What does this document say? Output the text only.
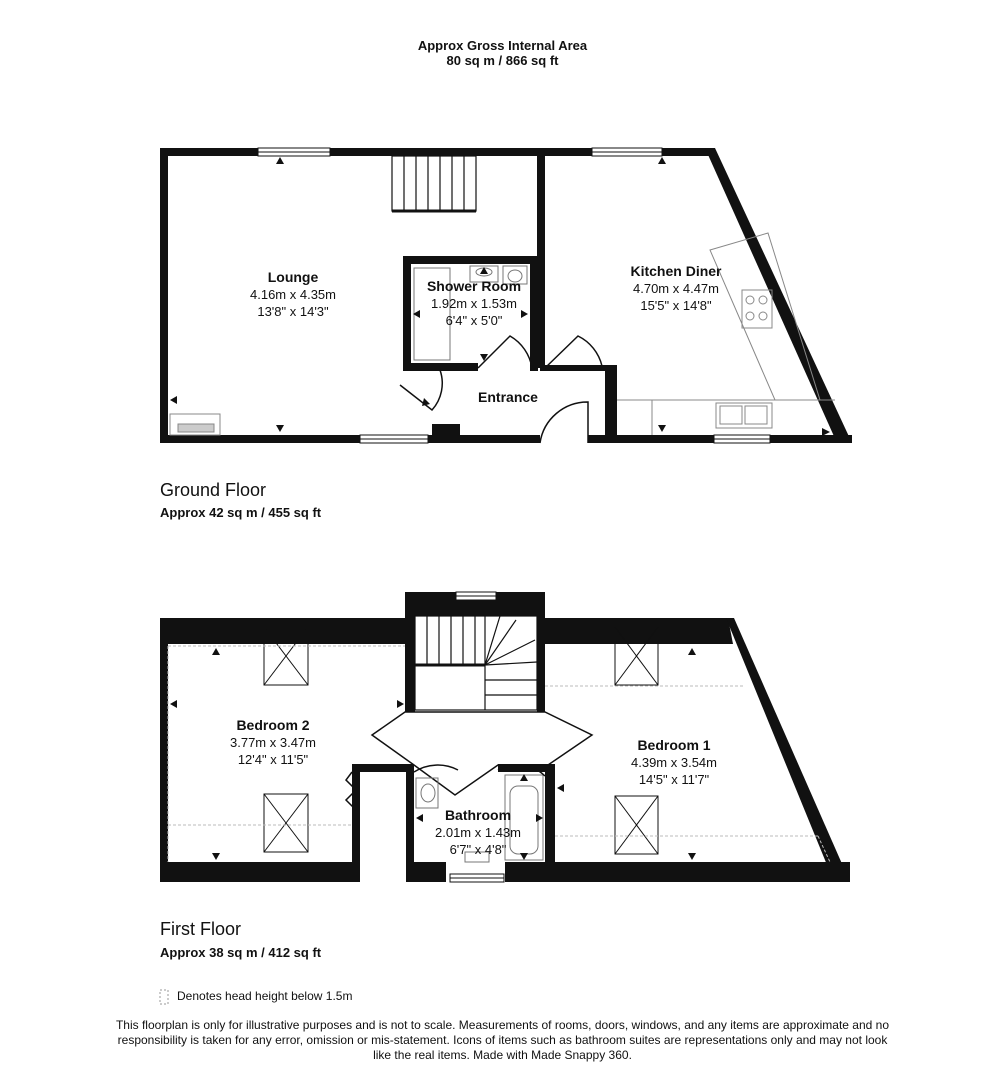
Approx Gross Internal Area
80 sq m / 866 sq ft
Lounge
4.16m x 4.35m
13'8" x 14'3"
Shower Room
1.92m x 1.53m
6'4" x 5'0"
Kitchen Diner
4.70m x 4.47m
15'5" x 14'8"
Entrance
Bedroom 2
3.77m x 3.47m
12'4" x 11'5"
Bedroom 1
4.39m x 3.54m
14'5" x 11'7"
Bathroom
2.01m x 1.43m
6'7" x 4'8"
Ground Floor
Approx 42 sq m / 455 sq ft
First Floor
Approx 38 sq m / 412 sq ft
Denotes head height below 1.5m
This floorplan is only for illustrative purposes and is not to scale. Measurements of rooms, doors, windows, and any items are approximate and no responsibility is taken for any error, omission or mis-statement. Icons of items such as bathroom suites are representations only and may not look like the real items. Made with Made Snappy 360.
